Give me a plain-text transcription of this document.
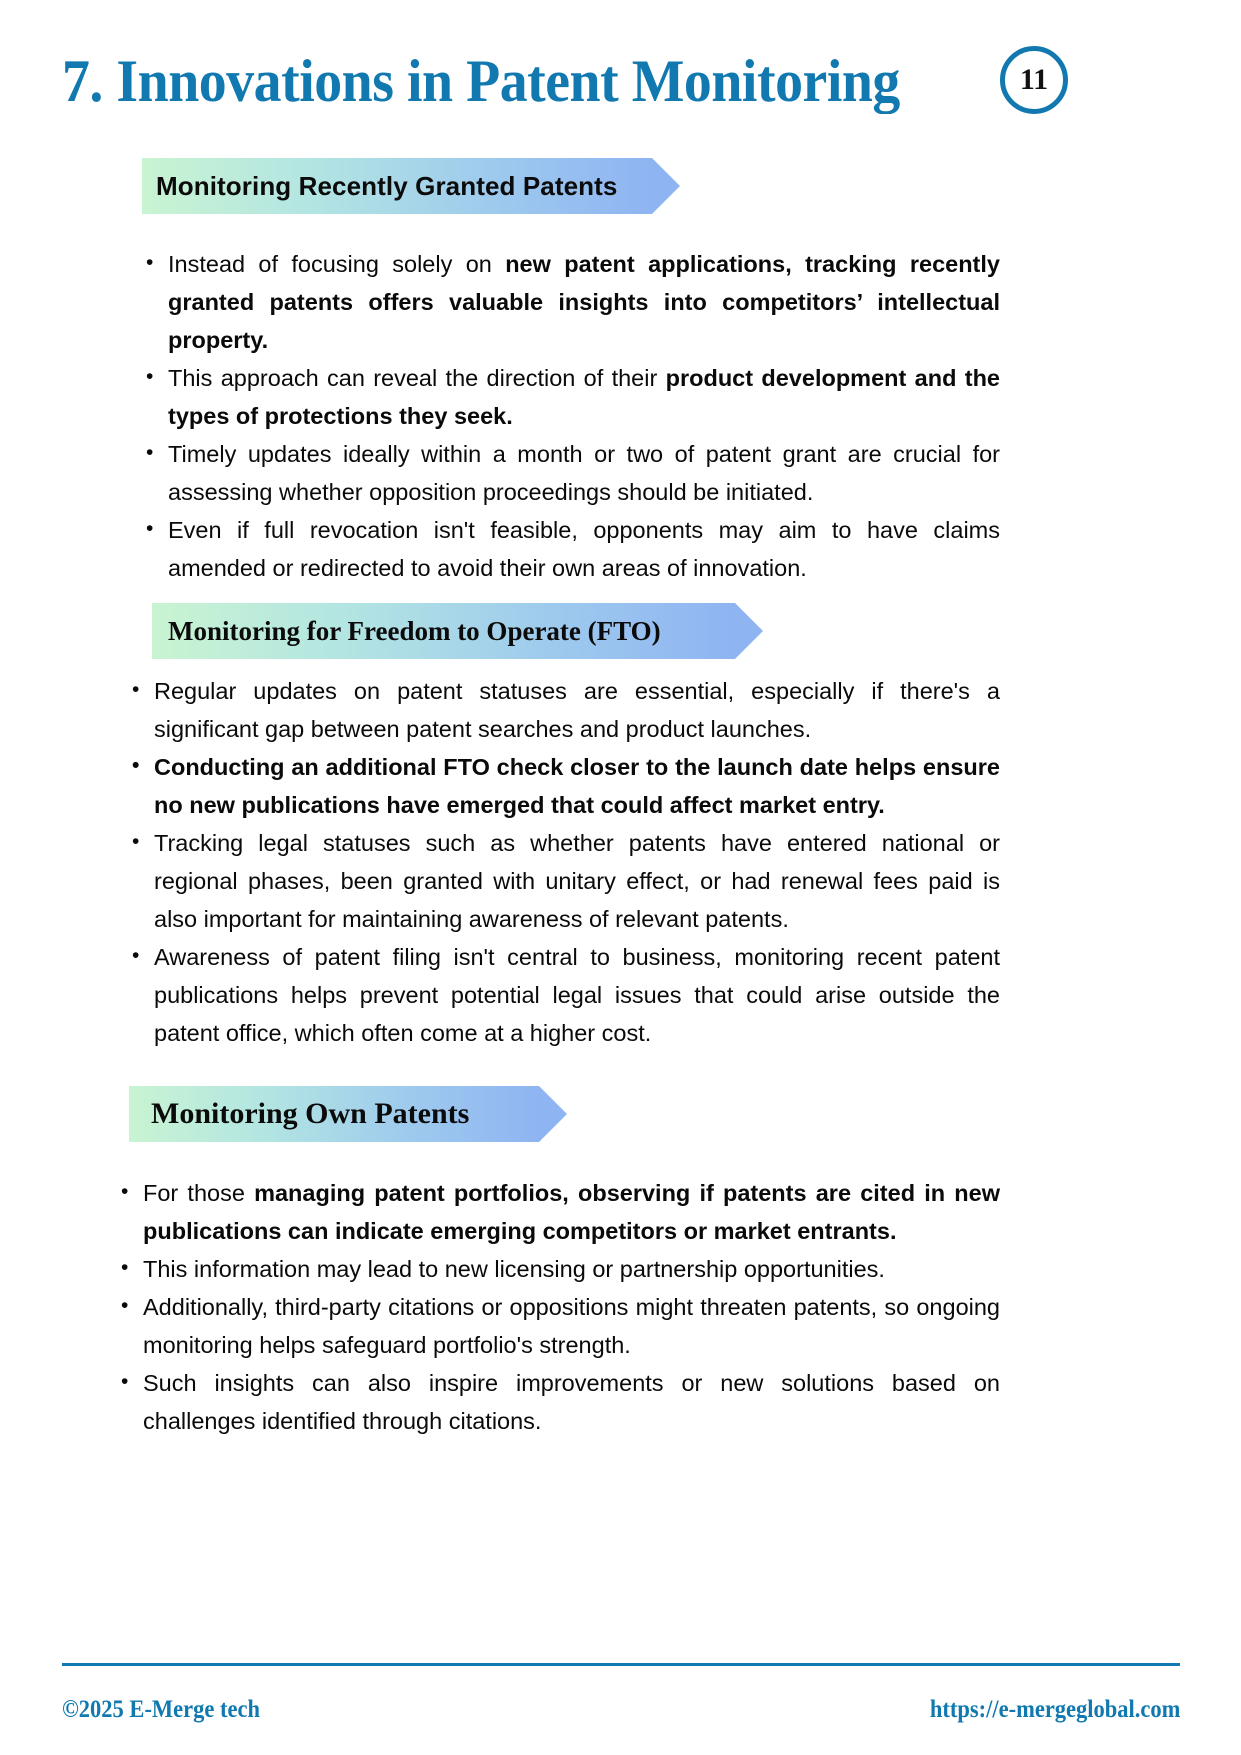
7. Innovations in Patent Monitoring	11
Monitoring Recently Granted Patents
• Instead of focusing solely on new patent applications, tracking recently granted patents offers valuable insights into competitors’ intellectual property.
• This approach can reveal the direction of their product development and the types of protections they seek.
• Timely updates ideally within a month or two of patent grant are crucial for assessing whether opposition proceedings should be initiated.
• Even if full revocation isn't feasible, opponents may aim to have claims amended or redirected to avoid their own areas of innovation.
Monitoring for Freedom to Operate (FTO)
• Regular updates on patent statuses are essential, especially if there's a significant gap between patent searches and product launches.
• Conducting an additional FTO check closer to the launch date helps ensure no new publications have emerged that could affect market entry.
• Tracking legal statuses such as whether patents have entered national or regional phases, been granted with unitary effect, or had renewal fees paid is also important for maintaining awareness of relevant patents.
• Awareness of patent filing isn't central to business, monitoring recent patent publications helps prevent potential legal issues that could arise outside the patent office, which often come at a higher cost.
Monitoring Own Patents
• For those managing patent portfolios, observing if patents are cited in new publications can indicate emerging competitors or market entrants.
• This information may lead to new licensing or partnership opportunities.
• Additionally, third-party citations or oppositions might threaten patents, so ongoing monitoring helps safeguard portfolio's strength.
• Such insights can also inspire improvements or new solutions based on challenges identified through citations.
©2025 E-Merge tech	https://e-mergeglobal.com
